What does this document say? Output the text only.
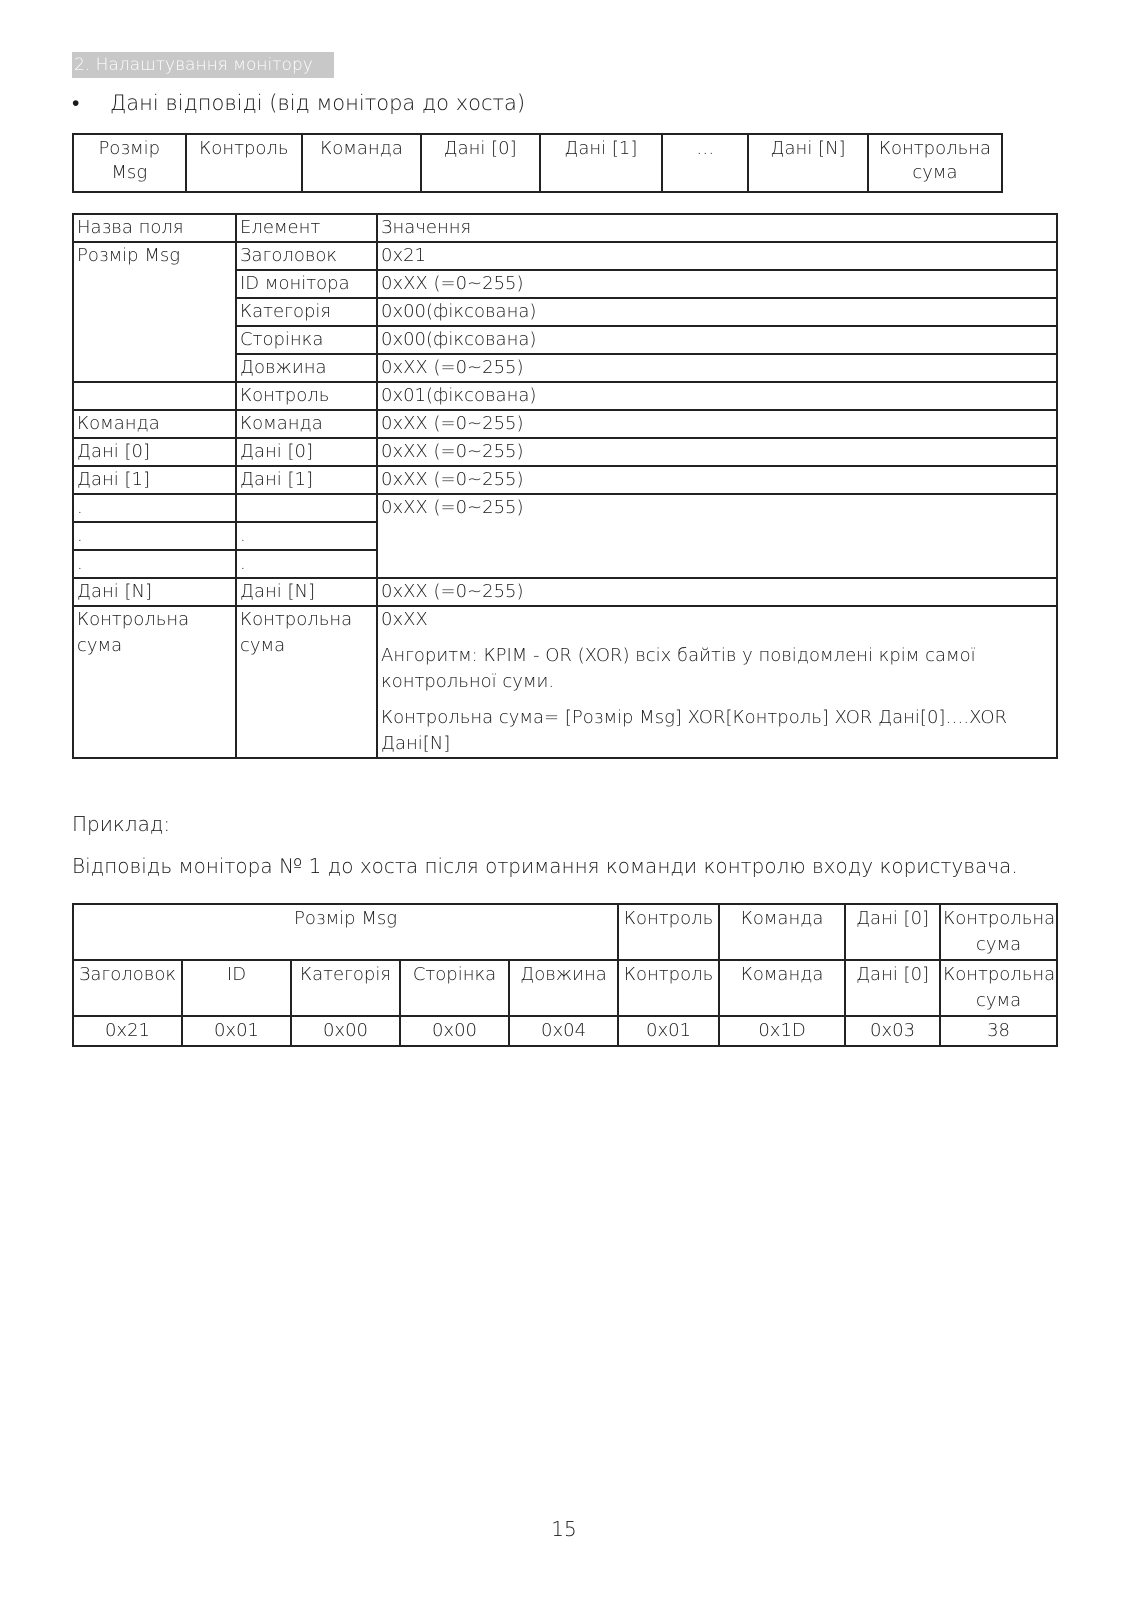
2. Налаштування монітору
• Дані відповіді (від монітора до хоста)
Розмір Msg	Контроль	Команда	Дані [0]	Дані [1]	…	Дані [N]	Контрольна сума
Назва поля	Елемент	Значення
Розмір Msg	Заголовок	0x21
	ID монітора	0xXX (=0~255)
	Категорія	0x00(фіксована)
	Сторінка	0x00(фіксована)
	Довжина	0xXX (=0~255)
	Контроль	0x01(фіксована)
Команда	Команда	0xXX (=0~255)
Дані [0]	Дані [0]	0xXX (=0~255)
Дані [1]	Дані [1]	0xXX (=0~255)
.		0xXX (=0~255)
.	.	
.	.	
Дані [N]	Дані [N]	0xXX (=0~255)
Контрольна сума	Контрольна сума	0xXX
Ангоритм: КРІМ - OR (XOR) всіх байтів у повідомлені крім самої контрольної суми.
Контрольна сума= [Розмір Msg] XOR[Контроль] XOR Дані[0]….XOR Дані[N]
Приклад:
Відповідь монітора № 1 до хоста після отримання команди контролю входу користувача.
Розмір Msg					Контроль	Команда	Дані [0]	Контрольна сума
Заголовок	ID	Категорія	Сторінка	Довжина	Контроль	Команда	Дані [0]	Контрольна сума
0x21	0x01	0x00	0x00	0x04	0x01	0x1D	0x03	38
15
